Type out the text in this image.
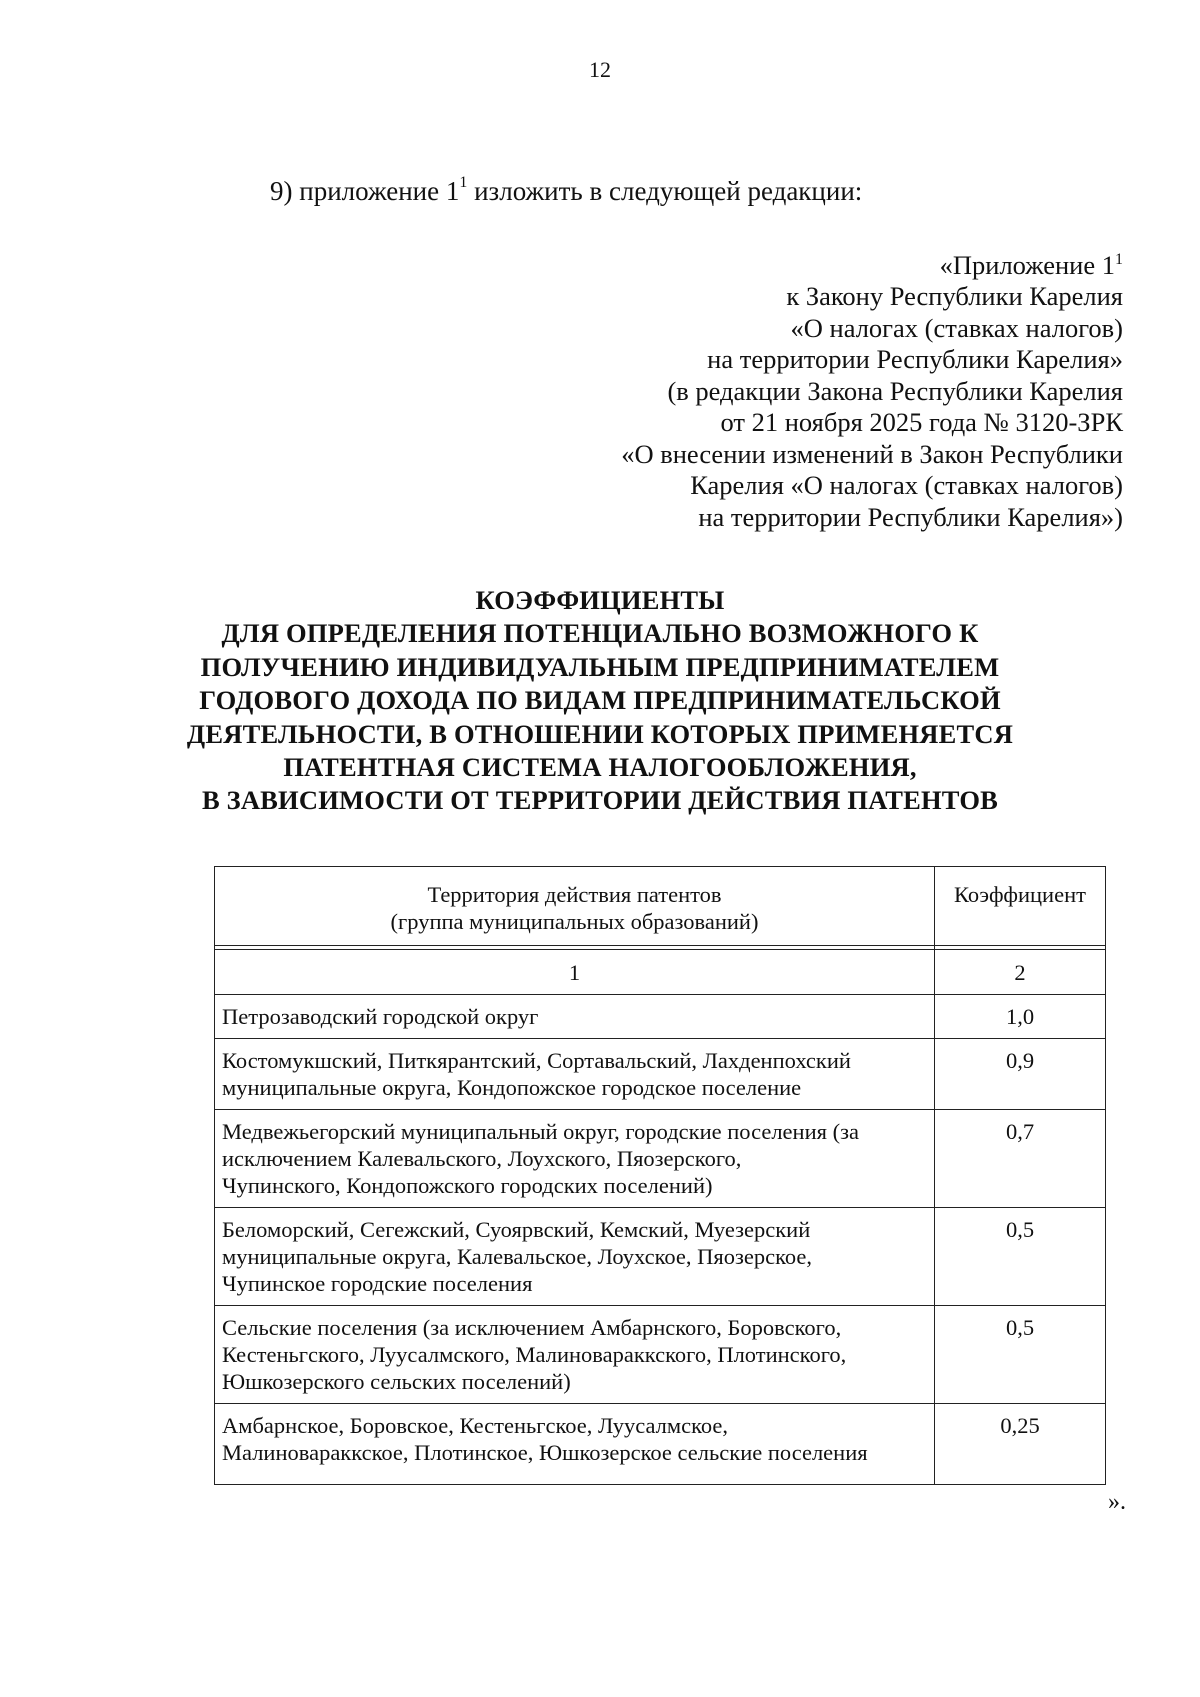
12
9) приложение $1^1$ изложить в следующей редакции:
«Приложение $1^1$
к Закону Республики Карелия
«О налогах (ставках налогов)
на территории Республики Карелия»
(в редакции Закона Республики Карелия
от 21 ноября 2025 года № 3120-ЗРК
«О внесении изменений в Закон Республики
Карелия «О налогах (ставках налогов)
на территории Республики Карелия»)
КОЭФФИЦИЕНТЫ
ДЛЯ ОПРЕДЕЛЕНИЯ ПОТЕНЦИАЛЬНО ВОЗМОЖНОГО К
ПОЛУЧЕНИЮ ИНДИВИДУАЛЬНЫМ ПРЕДПРИНИМАТЕЛЕМ
ГОДОВОГО ДОХОДА ПО ВИДАМ ПРЕДПРИНИМАТЕЛЬСКОЙ
ДЕЯТЕЛЬНОСТИ, В ОТНОШЕНИИ КОТОРЫХ ПРИМЕНЯЕТСЯ
ПАТЕНТНАЯ СИСТЕМА НАЛОГООБЛОЖЕНИЯ,
В ЗАВИСИМОСТИ ОТ ТЕРРИТОРИИ ДЕЙСТВИЯ ПАТЕНТОВ
Территория действия патентов
(группа муниципальных образований)	Коэффициент

1	2

Петрозаводский городской округ	1,0

Костомукшский, Питкярантский, Сортавальский, Лахденпохский
муниципальные округа, Кондопожское городское поселение	0,9

Медвежьегорский муниципальный округ, городские поселения (за
исключением Калевальского, Лоухского, Пяозерского,
Чупинского, Кондопожского городских поселений)	0,7

Беломорский, Сегежский, Суоярвский, Кемский, Муезерский
муниципальные округа, Калевальское, Лоухское, Пяозерское,
Чупинское городские поселения	0,5

Сельские поселения (за исключением Амбарнского, Боровского,
Кестеньгского, Луусалмского, Малиновараккского, Плотинского,
Юшкозерского сельских поселений)	0,5

Амбарнское, Боровское, Кестеньгское, Луусалмское,
Малиновараккское, Плотинское, Юшкозерское сельские поселения	0,25
».
